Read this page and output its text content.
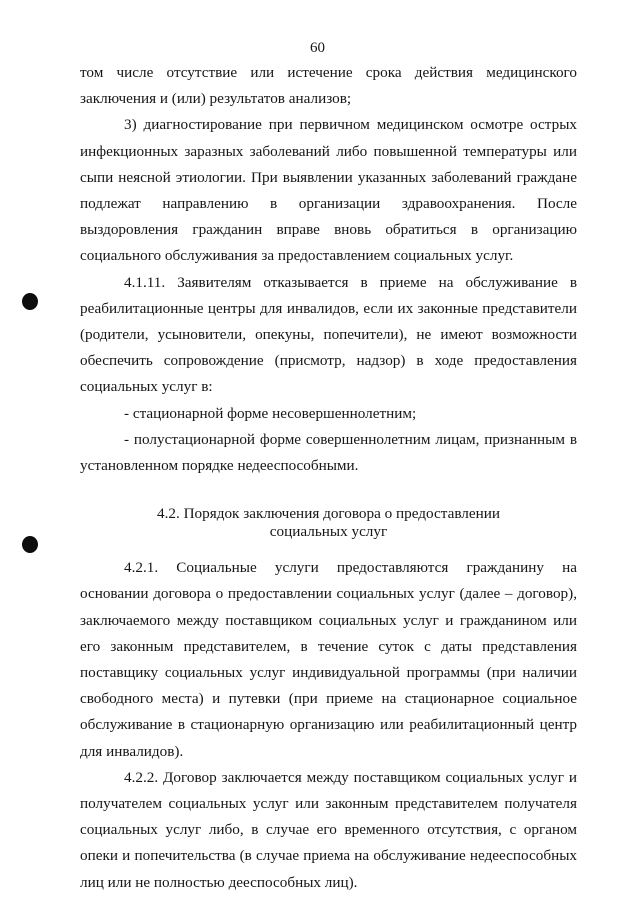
60

том числе отсутствие или истечение срока действия медицинского заключения и (или) результатов анализов;

3) диагностирование при первичном медицинском осмотре острых инфекционных заразных заболеваний либо повышенной температуры или сыпи неясной этиологии. При выявлении указанных заболеваний граждане подлежат направлению в организации здравоохранения. После выздоровления гражданин вправе вновь обратиться в организацию социального обслуживания за предоставлением социальных услуг.

4.1.11. Заявителям отказывается в приеме на обслуживание в реабилитационные центры для инвалидов, если их законные представители (родители, усыновители, опекуны, попечители), не имеют возможности обеспечить сопровождение (присмотр, надзор) в ходе предоставления социальных услуг в:

- стационарной форме несовершеннолетним;

- полустационарной форме совершеннолетним лицам, признанным в установленном порядке недееспособными.

4.2. Порядок заключения договора о предоставлении
социальных услуг

4.2.1. Социальные услуги предоставляются гражданину на основании договора о предоставлении социальных услуг (далее – договор), заключаемого между поставщиком социальных услуг и гражданином или его законным представителем, в течение суток с даты представления поставщику социальных услуг индивидуальной программы (при наличии свободного места) и путевки (при приеме на стационарное социальное обслуживание в стационарную организацию или реабилитационный центр для инвалидов).

4.2.2. Договор заключается между поставщиком социальных услуг и получателем социальных услуг или законным представителем получателя социальных услуг либо, в случае его временного отсутствия, с органом опеки и попечительства (в случае приема на обслуживание недееспособных лиц или не полностью дееспособных лиц).
